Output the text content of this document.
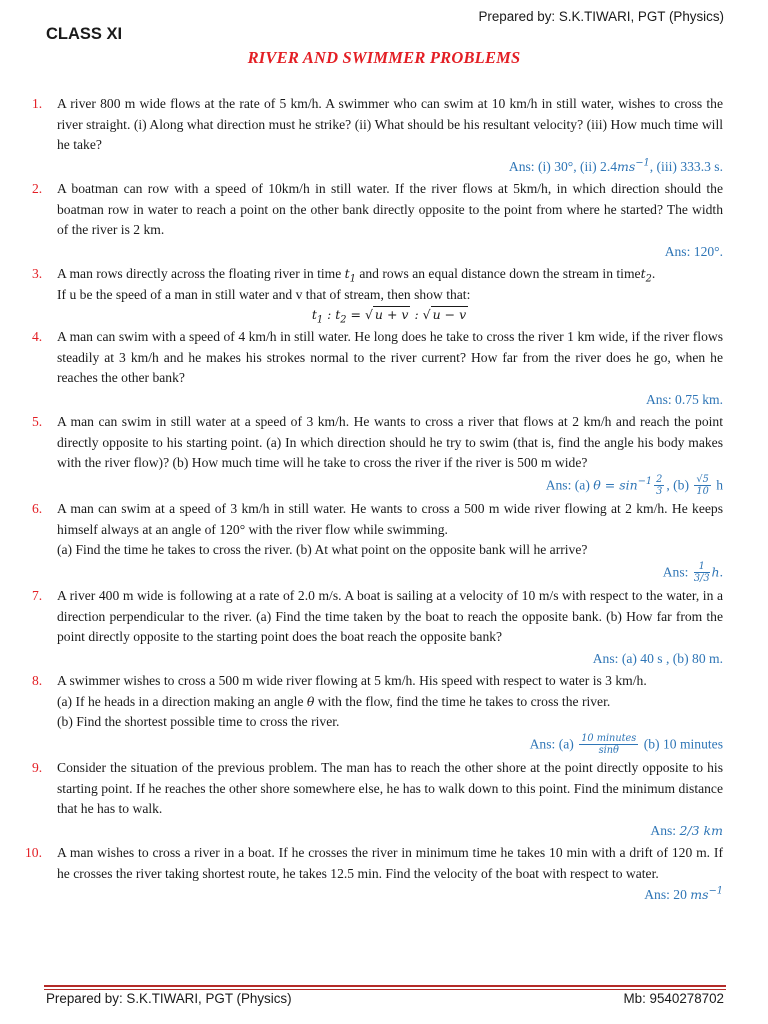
Prepared by: S.K.TIWARI, PGT (Physics)
CLASS XI
RIVER AND SWIMMER PROBLEMS
1.	A river 800 m wide flows at the rate of 5 km/h. A swimmer who can swim at 10 km/h in still water, wishes to cross the river straight. (i) Along what direction must he strike? (ii) What should be his resultant velocity? (iii) How much time will he take?
Ans: (i) 30°, (ii) $2.4ms^{-1}$, (iii) 333.3 s.
2.	A boatman can row with a speed of 10km/h in still water. If the river flows at 5km/h, in which direction should the boatman row in water to reach a point on the other bank directly opposite to the point from where he started? The width of the river is 2 km.
Ans: 120°.
3.	A man rows directly across the floating river in time $t_1$ and rows an equal distance down the stream in timet$_2$.
If u be the speed of a man in still water and v that of stream, then show that:
$t_1$ : $t_2$ = √ u + v : √ u − v
4.	A man can swim with a speed of 4 km/h in still water. He long does he take to cross the river 1 km wide, if the river flows steadily at 3 km/h and he makes his strokes normal to the river current? How far from the river does he go, when he reaches the other bank?
Ans: 0.75 km.
5.	A man can swim in still water at a speed of 3 km/h. He wants to cross a river that flows at 2 km/h and reach the point directly opposite to his starting point. (a) In which direction should he try to swim (that is, find the angle his body makes with the river flow)? (b) How much time will he take to cross the river if the river is 500 m wide?
Ans: (a) $\theta = \sin^{-1} \frac{2}{3}$ , $(b) \frac{√5}{10}$ h
6.	A man can swim at a speed of 3 km/h in still water. He wants to cross a 500 m wide river flowing at 2 km/h. He keeps himself always at an angle of 120° with the river flow while swimming.
(a) Find the time he takes to cross the river. (b) At what point on the opposite bank will he arrive?
Ans: $\frac{1}{3/3} h$.
7.	A river 400 m wide is following at a rate of 2.0 m/s. A boat is sailing at a velocity of 10 m/s with respect to the water, in a direction perpendicular to the river. (a) Find the time taken by the boat to reach the opposite bank. (b) How far from the point directly opposite to the starting point does the boat reach the opposite bank?
Ans: (a) 40 s , (b) 80 m.
8.	A swimmer wishes to cross a 500 m wide river flowing at 5 km/h. His speed with respect to water is 3 km/h.
(a) If he heads in a direction making an angle θ with the flow, find the time he takes to cross the river.
(b) Find the shortest possible time to cross the river.
Ans: $(a) \frac{\text{10 minutes}}{\sin\theta} (b)$ 10 minutes
9.	Consider the situation of the previous problem. The man has to reach the other shore at the point directly opposite to his starting point. If he reaches the other shore somewhere else, he has to walk down to this point. Find the minimum distance that he has to walk.
Ans: 2/3 km
10.	A man wishes to cross a river in a boat. If he crosses the river in minimum time he takes 10 min with a drift of 120 m. If he crosses the river taking shortest route, he takes 12.5 min. Find the velocity of the boat with respect to water.
Ans: 20 $ms^{-1}$
Prepared by: S.K.TIWARI, PGT (Physics)	Mb: 9540278702
